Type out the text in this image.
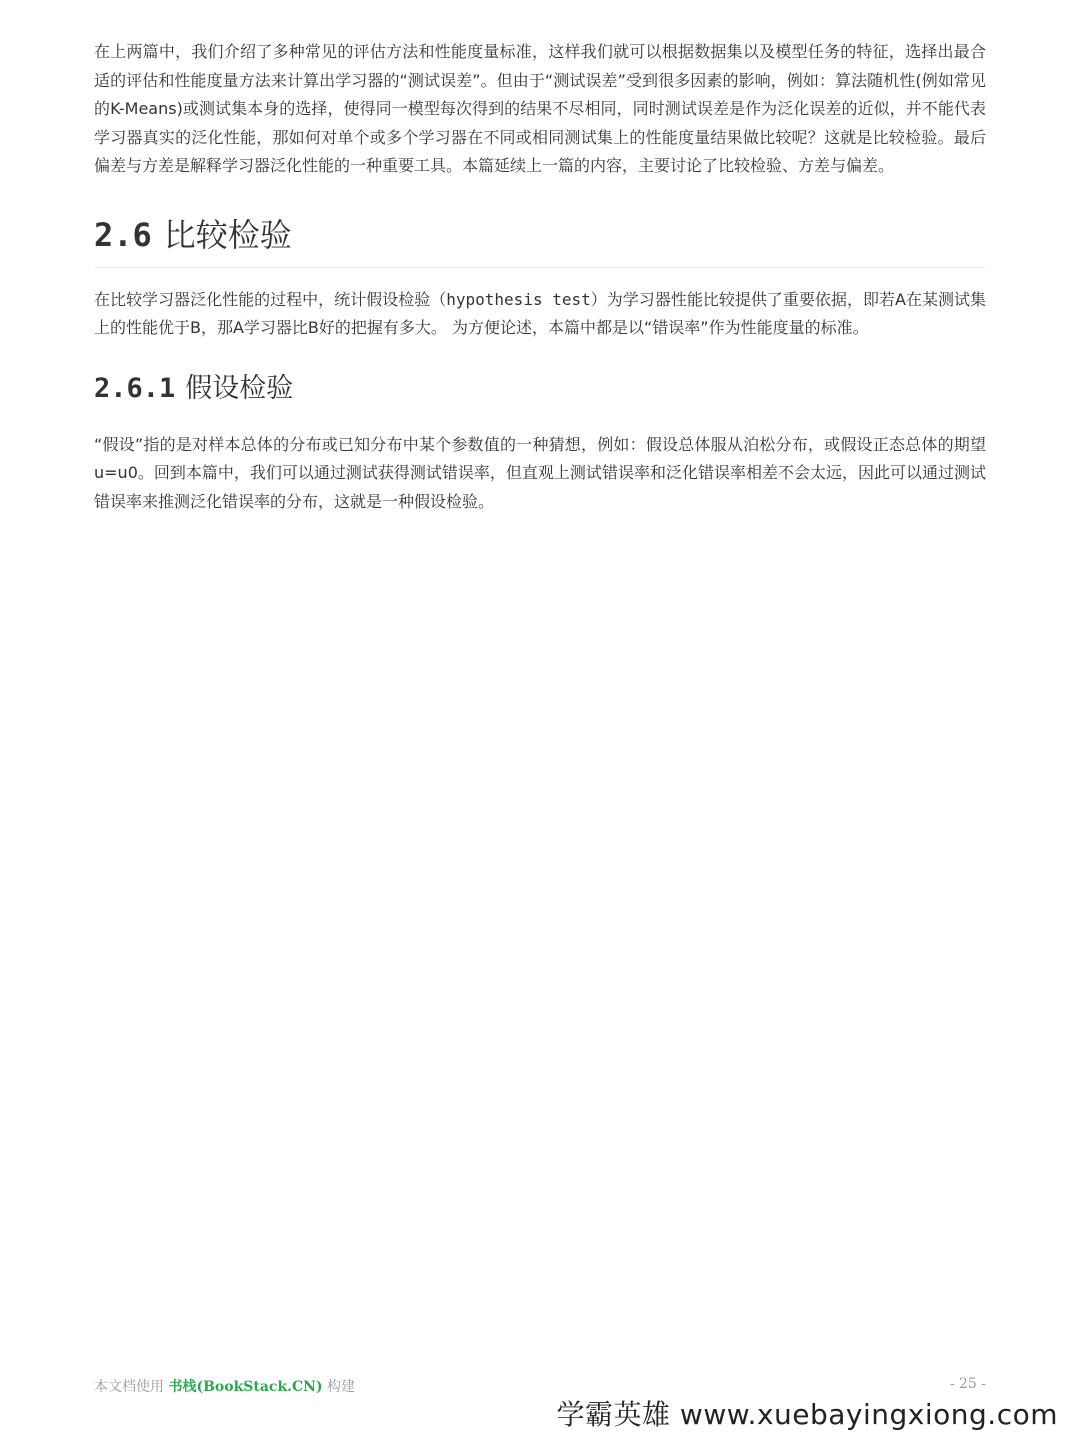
在上两篇中，我们介绍了多种常见的评估方法和性能度量标准，这样我们就可以根据数据集以及模型任务的特征，选择出最合适的评估和性能度量方法来计算出学习器的“测试误差”。但由于“测试误差”受到很多因素的影响，例如：算法随机性(例如常见的K-Means)或测试集本身的选择，使得同一模型每次得到的结果不尽相同，同时测试误差是作为泛化误差的近似，并不能代表学习器真实的泛化性能，那如何对单个或多个学习器在不同或相同测试集上的性能度量结果做比较呢？这就是比较检验。最后偏差与方差是解释学习器泛化性能的一种重要工具。本篇延续上一篇的内容，主要讨论了比较检验、方差与偏差。

2.6 比较检验

在比较学习器泛化性能的过程中，统计假设检验（hypothesis test）为学习器性能比较提供了重要依据，即若A在某测试集上的性能优于B，那A学习器比B好的把握有多大。 为方便论述，本篇中都是以“错误率”作为性能度量的标准。

2.6.1 假设检验

“假设”指的是对样本总体的分布或已知分布中某个参数值的一种猜想，例如：假设总体服从泊松分布，或假设正态总体的期望u=u0。回到本篇中，我们可以通过测试获得测试错误率，但直观上测试错误率和泛化错误率相差不会太远，因此可以通过测试错误率来推测泛化错误率的分布，这就是一种假设检验。

本文档使用 书栈(BookStack.CN) 构建	- 25 -
学霸英雄 www.xuebayingxiong.com
